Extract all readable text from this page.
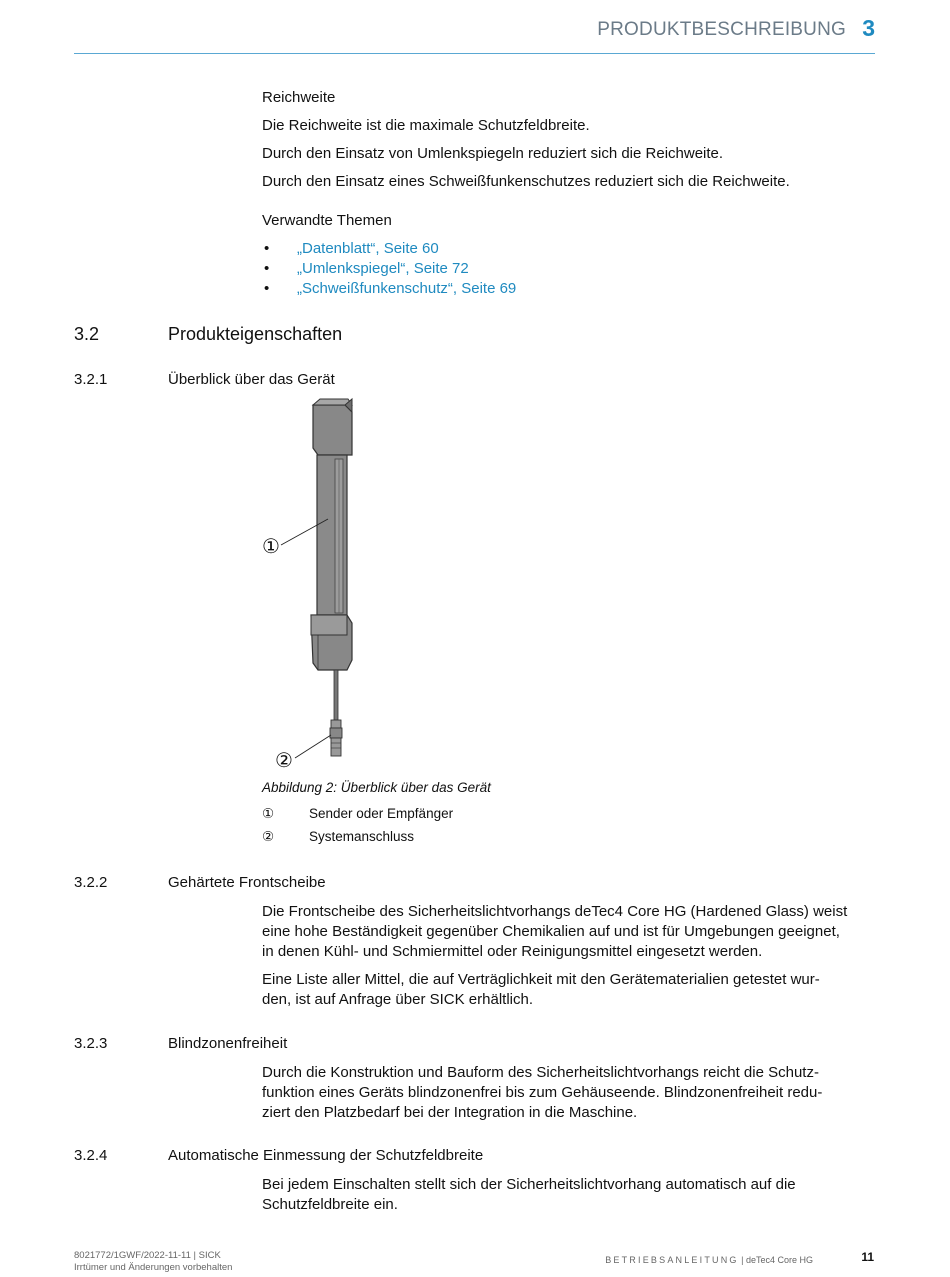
PRODUKTBESCHREIBUNG 3
Reichweite
Die Reichweite ist die maximale Schutzfeldbreite.
Durch den Einsatz von Umlenkspiegeln reduziert sich die Reichweite.
Durch den Einsatz eines Schweißfunkenschutzes reduziert sich die Reichweite.
Verwandte Themen
• „Datenblatt“, Seite 60
• „Umlenkspiegel“, Seite 72
• „Schweißfunkenschutz“, Seite 69
3.2	Produkteigenschaften
3.2.1	Überblick über das Gerät
①
②
Abbildung 2: Überblick über das Gerät
①	Sender oder Empfänger
②	Systemanschluss
3.2.2	Gehärtete Frontscheibe
Die Frontscheibe des Sicherheitslichtvorhangs deTec4 Core HG (Hardened Glass) weist
eine hohe Beständigkeit gegenüber Chemikalien auf und ist für Umgebungen geeignet,
in denen Kühl- und Schmiermittel oder Reinigungsmittel eingesetzt werden.
Eine Liste aller Mittel, die auf Verträglichkeit mit den Gerätematerialien getestet wur-
den, ist auf Anfrage über SICK erhältlich.
3.2.3	Blindzonenfreiheit
Durch die Konstruktion und Bauform des Sicherheitslichtvorhangs reicht die Schutz-
funktion eines Geräts blindzonenfrei bis zum Gehäuseende. Blindzonenfreiheit redu-
ziert den Platzbedarf bei der Integration in die Maschine.
3.2.4	Automatische Einmessung der Schutzfeldbreite
Bei jedem Einschalten stellt sich der Sicherheitslichtvorhang automatisch auf die
Schutzfeldbreite ein.
8021772/1GWF/2022-11-11 | SICK
Irrtümer und Änderungen vorbehalten
BETRIEBSANLEITUNG | deTec4 Core HG	11
